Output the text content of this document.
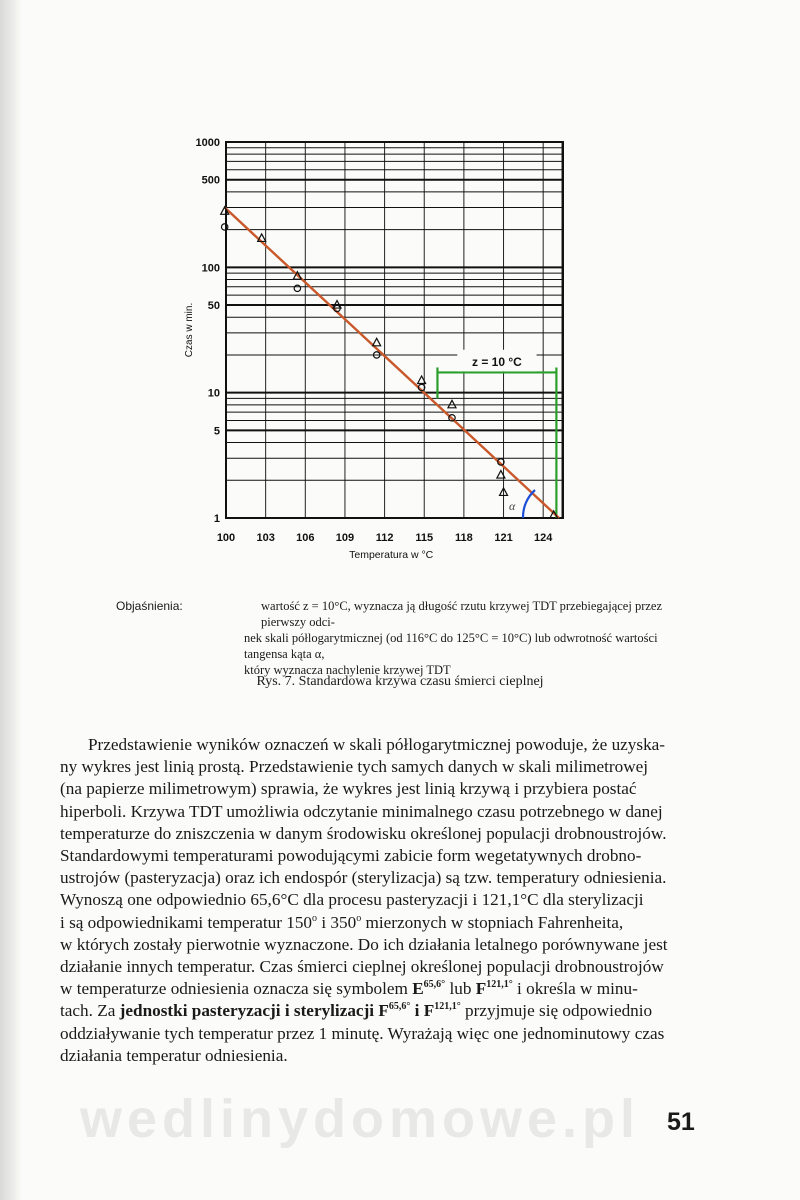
1000
500
100
50
10
5
1
100 103 106 109 112 115 118 121 124
Czas w min.
Temperatura w °C
z = 10 °C
α
Objaśnienia:	wartość z = 10°C, wyznacza ją długość rzutu krzywej TDT przebiegającej przez pierwszy odci-
nek skali półlogarytmicznej (od 116°C do 125°C = 10°C) lub odwrotność wartości tangensa kąta α,
który wyznacza nachylenie krzywej TDT
Rys. 7. Standardowa krzywa czasu śmierci cieplnej
Przedstawienie wyników oznaczeń w skali półlogarytmicznej powoduje, że uzyska-
ny wykres jest linią prostą. Przedstawienie tych samych danych w skali milimetrowej
(na papierze milimetrowym) sprawia, że wykres jest linią krzywą i przybiera postać
hiperboli. Krzywa TDT umożliwia odczytanie minimalnego czasu potrzebnego w danej
temperaturze do zniszczenia w danym środowisku określonej populacji drobnoustrojów.
Standardowymi temperaturami powodującymi zabicie form wegetatywnych drobno-
ustrojów (pasteryzacja) oraz ich endospór (sterylizacja) są tzw. temperatury odniesienia.
Wynoszą one odpowiednio 65,6°C dla procesu pasteryzacji i 121,1°C dla sterylizacji
i są odpowiednikami temperatur 150$^o$ i 350$^o$ mierzonych w stopniach Fahrenheita,
w których zostały pierwotnie wyznaczone. Do ich działania letalnego porównywane jest
działanie innych temperatur. Czas śmierci cieplnej określonej populacji drobnoustrojów
w temperaturze odniesienia oznacza się symbolem $E^{65,6^\circ}$ lub $F^{121,1^\circ}$ i określa w minu-
tach. Za jednostki pasteryzacji i sterylizacji $F^{65,6^\circ}$ i $F^{121,1^\circ}$ przyjmuje się odpowiednio
oddziaływanie tych temperatur przez 1 minutę. Wyrażają więc one jednominutowy czas
działania temperatur odniesienia.
wedlinydomowe.pl 51
